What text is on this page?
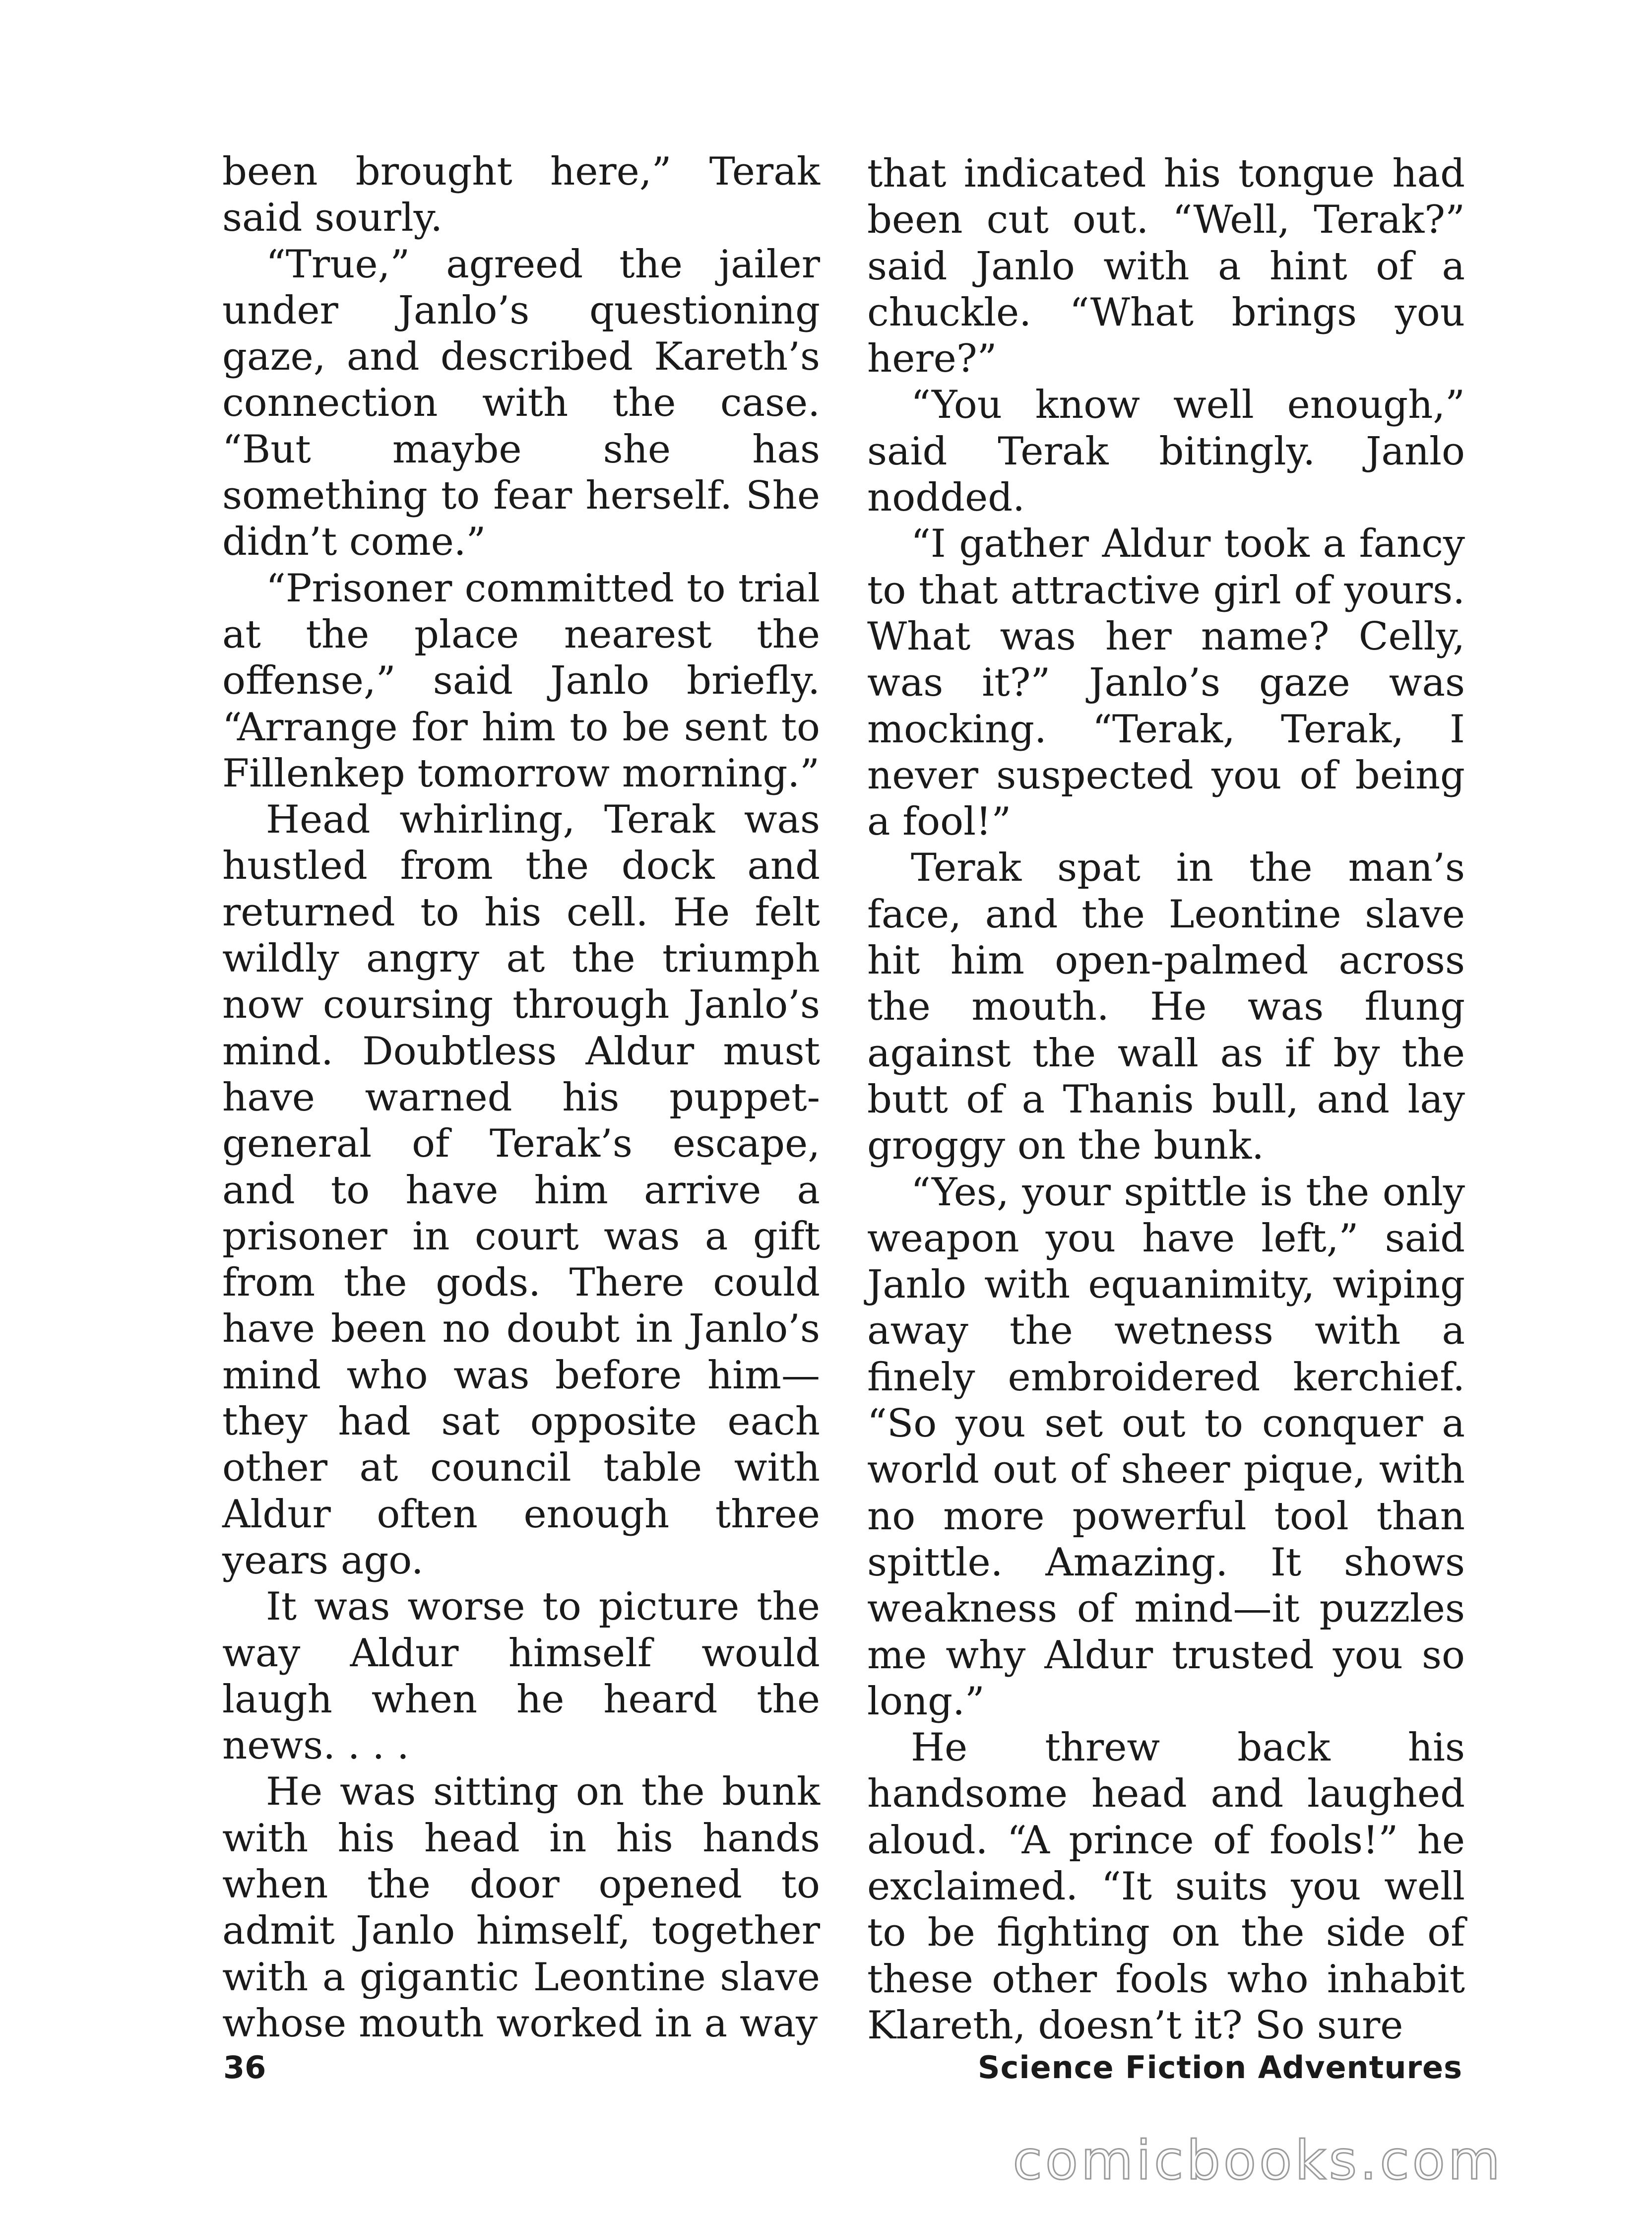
been brought here,” Terak said sourly.

“True,” agreed the jailer under Janlo’s questioning gaze, and described Kareth’s connection with the case. “But maybe she has something to fear herself. She didn’t come.”

“Prisoner committed to trial at the place nearest the offense,” said Janlo briefly. “Arrange for him to be sent to Fillenkep tomorrow morning.”

Head whirling, Terak was hustled from the dock and returned to his cell. He felt wildly angry at the triumph now coursing through Janlo’s mind. Doubtless Aldur must have warned his puppet-general of Terak’s escape, and to have him arrive a prisoner in court was a gift from the gods. There could have been no doubt in Janlo’s mind who was before him—they had sat opposite each other at council table with Aldur often enough three years ago.

It was worse to picture the way Aldur himself would laugh when he heard the news. . . .

He was sitting on the bunk with his head in his hands when the door opened to admit Janlo himself, together with a gigantic Leontine slave whose mouth worked in a way

that indicated his tongue had been cut out. “Well, Terak?” said Janlo with a hint of a chuckle. “What brings you here?”

“You know well enough,” said Terak bitingly. Janlo nodded.

“I gather Aldur took a fancy to that attractive girl of yours. What was her name? Celly, was it?” Janlo’s gaze was mocking. “Terak, Terak, I never suspected you of being a fool!”

Terak spat in the man’s face, and the Leontine slave hit him open-palmed across the mouth. He was flung against the wall as if by the butt of a Thanis bull, and lay groggy on the bunk.

“Yes, your spittle is the only weapon you have left,” said Janlo with equanimity, wiping away the wetness with a finely embroidered kerchief. “So you set out to conquer a world out of sheer pique, with no more powerful tool than spittle. Amazing. It shows weakness of mind—it puzzles me why Aldur trusted you so long.”

He threw back his handsome head and laughed aloud. “A prince of fools!” he exclaimed. “It suits you well to be fighting on the side of these other fools who inhabit Klareth, doesn’t it? So sure

36	Science Fiction Adventures
comicbooks.com
